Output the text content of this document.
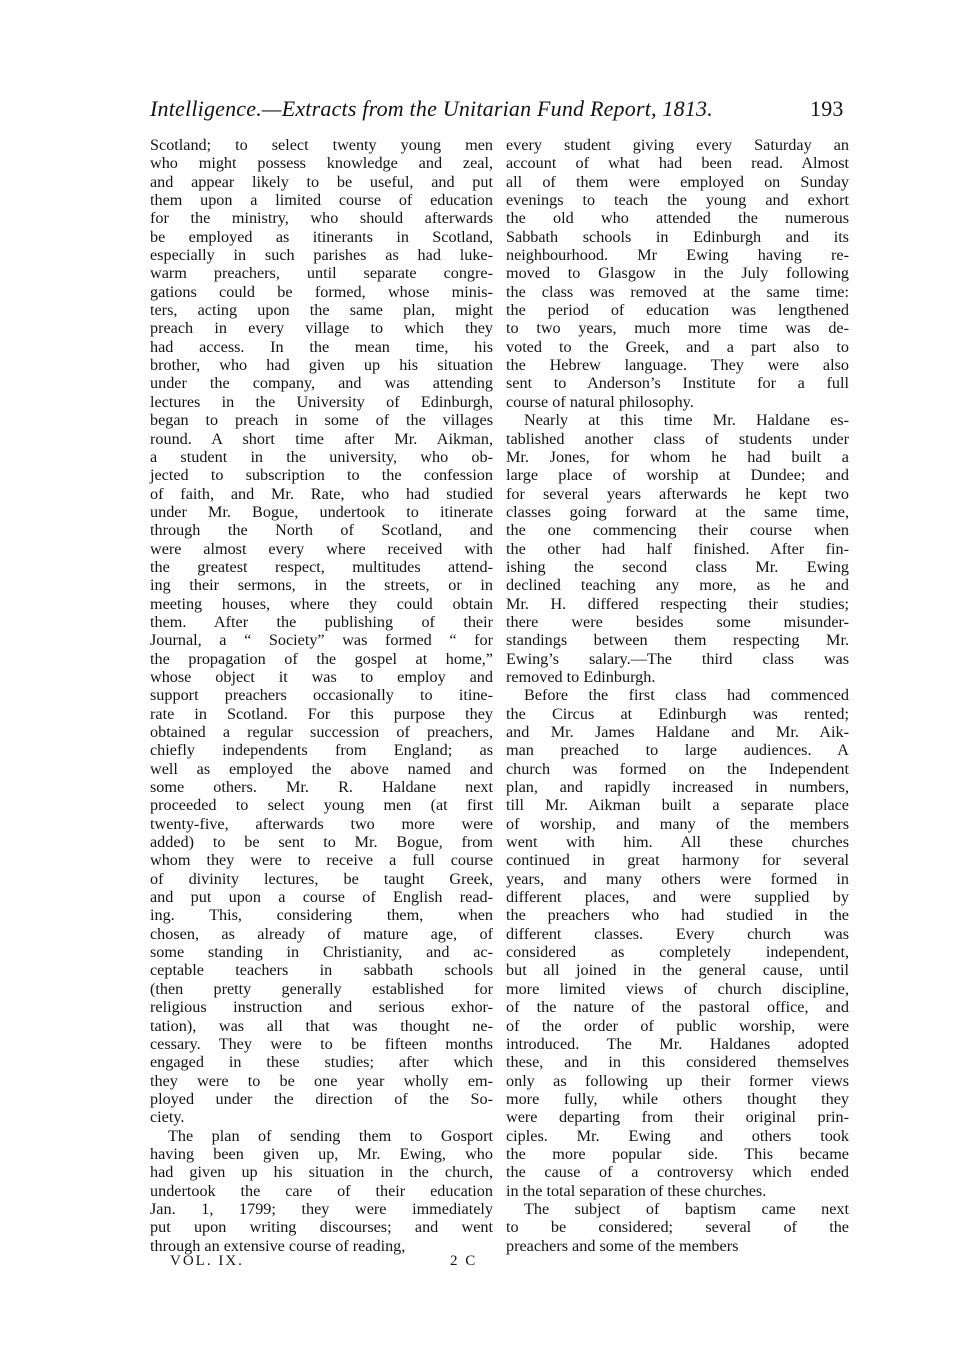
Intelligence.—Extracts from the Unitarian Fund Report, 1813.	193
Scotland; to select twenty young men
who might possess knowledge and zeal,
and appear likely to be useful, and put
them upon a limited course of education
for the ministry, who should afterwards
be employed as itinerants in Scotland,
especially in such parishes as had luke-
warm preachers, until separate congre-
gations could be formed, whose minis-
ters, acting upon the same plan, might
preach in every village to which they
had access. In the mean time, his
brother, who had given up his situation
under the company, and was attending
lectures in the University of Edinburgh,
began to preach in some of the villages
round. A short time after Mr. Aikman,
a student in the university, who ob-
jected to subscription to the confession
of faith, and Mr. Rate, who had studied
under Mr. Bogue, undertook to itinerate
through the North of Scotland, and
were almost every where received with
the greatest respect, multitudes attend-
ing their sermons, in the streets, or in
meeting houses, where they could obtain
them. After the publishing of their
Journal, a “ Society” was formed “ for
the propagation of the gospel at home,”
whose object it was to employ and
support preachers occasionally to itine-
rate in Scotland. For this purpose they
obtained a regular succession of preachers,
chiefly independents from England; as
well as employed the above named and
some others. Mr. R. Haldane next
proceeded to select young men (at first
twenty-five, afterwards two more were
added) to be sent to Mr. Bogue, from
whom they were to receive a full course
of divinity lectures, be taught Greek,
and put upon a course of English read-
ing. This, considering them, when
chosen, as already of mature age, of
some standing in Christianity, and ac-
ceptable teachers in sabbath schools
(then pretty generally established for
religious instruction and serious exhor-
tation), was all that was thought ne-
cessary. They were to be fifteen months
engaged in these studies; after which
they were to be one year wholly em-
ployed under the direction of the So-
ciety.
The plan of sending them to Gosport
having been given up, Mr. Ewing, who
had given up his situation in the church,
undertook the care of their education
Jan. 1, 1799; they were immediately
put upon writing discourses; and went
through an extensive course of reading,
every student giving every Saturday an
account of what had been read. Almost
all of them were employed on Sunday
evenings to teach the young and exhort
the old who attended the numerous
Sabbath schools in Edinburgh and its
neighbourhood. Mr Ewing having re-
moved to Glasgow in the July following
the class was removed at the same time:
the period of education was lengthened
to two years, much more time was de-
voted to the Greek, and a part also to
the Hebrew language. They were also
sent to Anderson’s Institute for a full
course of natural philosophy.
Nearly at this time Mr. Haldane es-
tablished another class of students under
Mr. Jones, for whom he had built a
large place of worship at Dundee; and
for several years afterwards he kept two
classes going forward at the same time,
the one commencing their course when
the other had half finished. After fin-
ishing the second class Mr. Ewing
declined teaching any more, as he and
Mr. H. differed respecting their studies;
there were besides some misunder-
standings between them respecting Mr.
Ewing’s salary.—The third class was
removed to Edinburgh.
Before the first class had commenced
the Circus at Edinburgh was rented;
and Mr. James Haldane and Mr. Aik-
man preached to large audiences. A
church was formed on the Independent
plan, and rapidly increased in numbers,
till Mr. Aikman built a separate place
of worship, and many of the members
went with him. All these churches
continued in great harmony for several
years, and many others were formed in
different places, and were supplied by
the preachers who had studied in the
different classes. Every church was
considered as completely independent,
but all joined in the general cause, until
more limited views of church discipline,
of the nature of the pastoral office, and
of the order of public worship, were
introduced. The Mr. Haldanes adopted
these, and in this considered themselves
only as following up their former views
more fully, while others thought they
were departing from their original prin-
ciples. Mr. Ewing and others took
the more popular side. This became
the cause of a controversy which ended
in the total separation of these churches.
The subject of baptism came next
to be considered; several of the
preachers and some of the members
VOL. IX.	2 C
